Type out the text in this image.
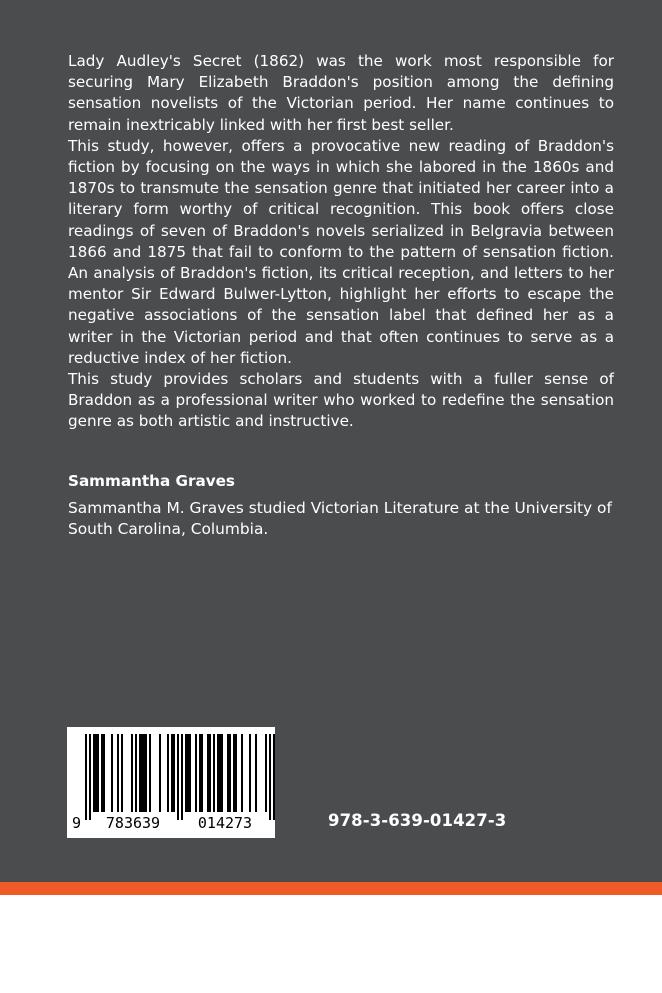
Lady Audley's Secret (1862) was the work most responsible for securing Mary Elizabeth Braddon's position among the defining sensation novelists of the Victorian period. Her name continues to remain inextricably linked with her first best seller.

This study, however, offers a provocative new reading of Braddon's fiction by focusing on the ways in which she labored in the 1860s and 1870s to transmute the sensation genre that initiated her career into a literary form worthy of critical recognition. This book offers close readings of seven of Braddon's novels serialized in Belgravia between 1866 and 1875 that fail to conform to the pattern of sensation fiction. An analysis of Braddon's fiction, its critical reception, and letters to her mentor Sir Edward Bulwer-Lytton, highlight her efforts to escape the negative associations of the sensation label that defined her as a writer in the Victorian period and that often continues to serve as a reductive index of her fiction.

This study provides scholars and students with a fuller sense of Braddon as a professional writer who worked to redefine the sensation genre as both artistic and instructive.

Sammantha Graves
Sammantha M. Graves studied Victorian Literature at the University of South Carolina, Columbia.
9 783639	014273	978-3-639-01427-3
